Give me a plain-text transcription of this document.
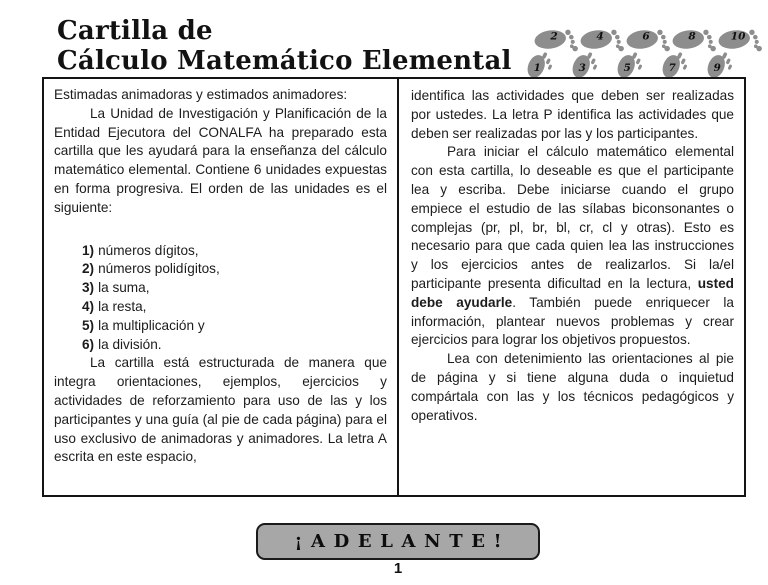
Cartilla de
Cálculo Matemático Elemental
2	4	6	8	10
1	3	5	7	9

Estimadas animadoras y estimados animadores:

La Unidad de Investigación y Planificación de la Entidad Ejecutora del CONALFA ha preparado esta cartilla que les ayudará para la enseñanza del cálculo matemático elemental. Contiene 6 unidades expuestas en forma progresiva. El orden de las unidades es el siguiente:

1) números dígitos,
2) números polidígitos,
3) la suma,
4) la resta,
5) la multiplicación y
6) la división.

La cartilla está estructurada de manera que integra orientaciones, ejemplos, ejercicios y actividades de reforzamiento para uso de las y los participantes y una guía (al pie de cada página) para el uso exclusivo de animadoras y animadores. La letra A escrita en este espacio,

identifica las actividades que deben ser realizadas por ustedes. La letra P identifica las actividades que deben ser realizadas por las y los participantes.

Para iniciar el cálculo matemático elemental con esta cartilla, lo deseable es que el participante lea y escriba. Debe iniciarse cuando el grupo empiece el estudio de las sílabas biconsonantes o complejas (pr, pl, br, bl, cr, cl y otras). Esto es necesario para que cada quien lea las instrucciones y los ejercicios antes de realizarlos. Si la/el participante presenta dificultad en la lectura, usted debe ayudarle. También puede enriquecer la información, plantear nuevos problemas y crear ejercicios para lograr los objetivos propuestos.

Lea con detenimiento las orientaciones al pie de página y si tiene alguna duda o inquietud compártala con las y los técnicos pedagógicos y operativos.

¡ADELANTE!
1
